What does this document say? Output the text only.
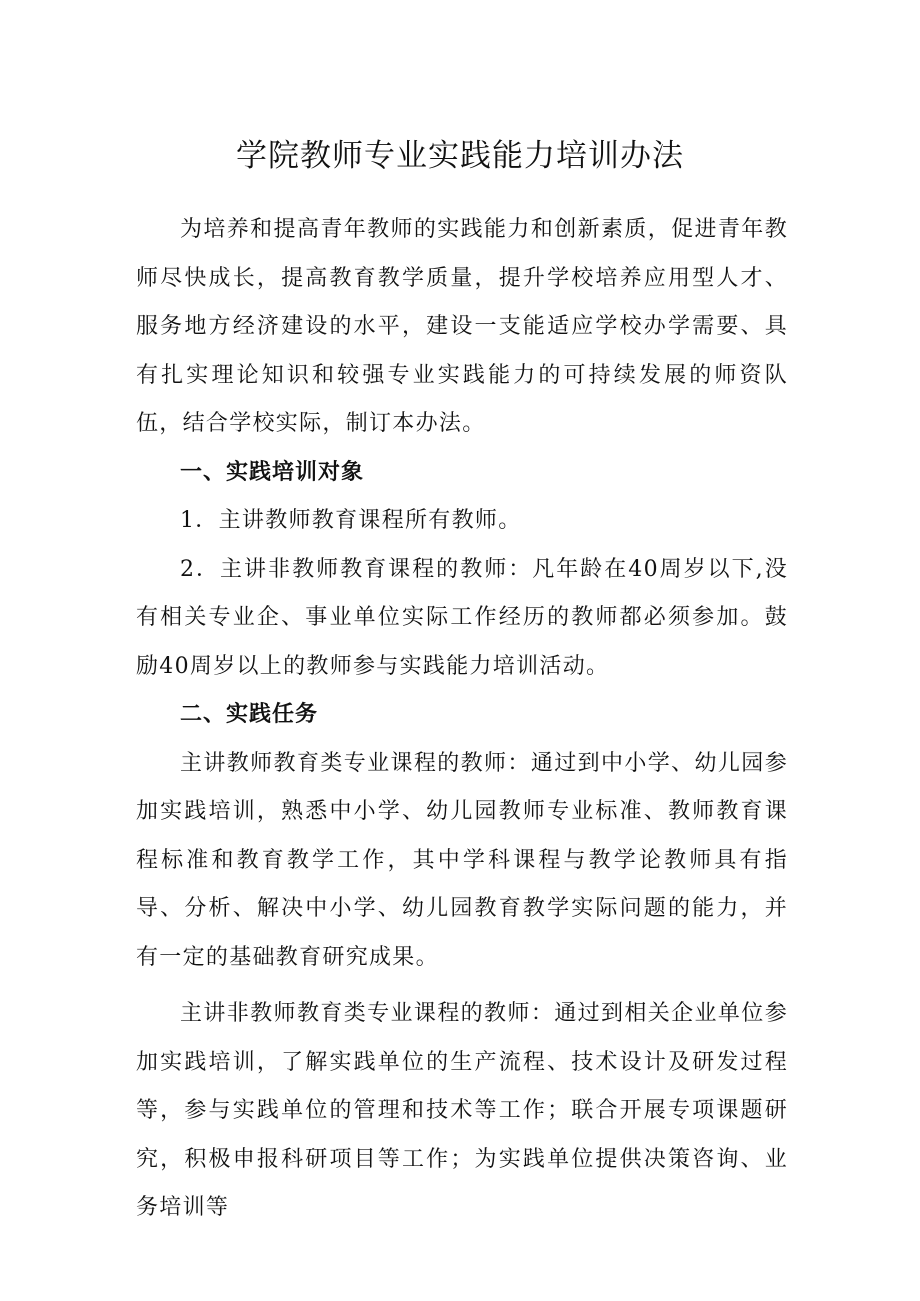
学院教师专业实践能力培训办法

为培养和提高青年教师的实践能力和创新素质，促进青年教师尽快成长，提高教育教学质量，提升学校培养应用型人才、服务地方经济建设的水平，建设一支能适应学校办学需要、具有扎实理论知识和较强专业实践能力的可持续发展的师资队伍，结合学校实际，制订本办法。

一、实践培训对象

1．主讲教师教育课程所有教师。

2．主讲非教师教育课程的教师：凡年龄在40周岁以下,没有相关专业企、事业单位实际工作经历的教师都必须参加。鼓励40周岁以上的教师参与实践能力培训活动。

二、实践任务

主讲教师教育类专业课程的教师：通过到中小学、幼儿园参加实践培训，熟悉中小学、幼儿园教师专业标准、教师教育课程标准和教育教学工作，其中学科课程与教学论教师具有指导、分析、解决中小学、幼儿园教育教学实际问题的能力，并有一定的基础教育研究成果。

主讲非教师教育类专业课程的教师：通过到相关企业单位参加实践培训，了解实践单位的生产流程、技术设计及研发过程等，参与实践单位的管理和技术等工作；联合开展专项课题研究，积极申报科研项目等工作；为实践单位提供决策咨询、业务培训等
